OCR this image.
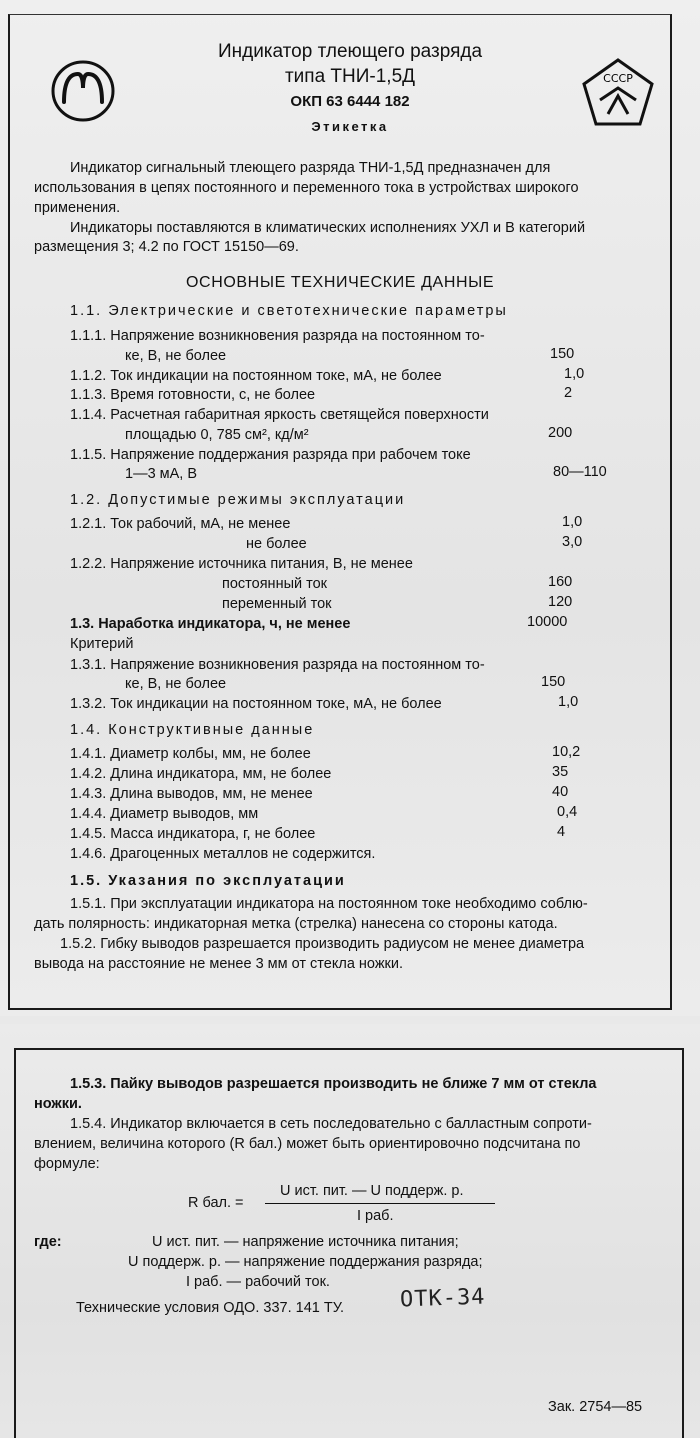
СССР
Индикатор тлеющего разряда
типа ТНИ-1,5Д
ОКП 63 6444 182
Этикетка
Индикатор сигнальный тлеющего разряда ТНИ-1,5Д предназначен для
использования в цепях постоянного и переменного тока в устройствах широкого
применения.
Индикаторы поставляются в климатических исполнениях УХЛ и В категорий
размещения 3; 4.2 по ГОСТ 15150—69.
ОСНОВНЫЕ ТЕХНИЧЕСКИЕ ДАННЫЕ
1.1. Электрические и светотехнические параметры
1.1.1. Напряжение возникновения разряда на постоянном то-
ке, В, не более	150
1.1.2. Ток индикации на постоянном токе, мА, не более	1,0
1.1.3. Время готовности, с, не более	2
1.1.4. Расчетная габаритная яркость светящейся поверхности
площадью 0, 785 см², кд/м²	200
1.1.5. Напряжение поддержания разряда при рабочем токе
1—3 мА, В	80—110
1.2. Допустимые режимы эксплуатации
1.2.1. Ток рабочий, мА, не менее	1,0
не более	3,0
1.2.2. Напряжение источника питания, В, не менее
постоянный ток	160
переменный ток	120
1.3. Наработка индикатора, ч, не менее	10000
Критерий
1.3.1. Напряжение возникновения разряда на постоянном то-
ке, В, не более	150
1.3.2. Ток индикации на постоянном токе, мА, не более	1,0
1.4. Конструктивные данные
1.4.1. Диаметр колбы, мм, не более	10,2
1.4.2. Длина индикатора, мм, не более	35
1.4.3. Длина выводов, мм, не менее	40
1.4.4. Диаметр выводов, мм	0,4
1.4.5. Масса индикатора, г, не более	4
1.4.6. Драгоценных металлов не содержится.
1.5. Указания по эксплуатации
1.5.1. При эксплуатации индикатора на постоянном токе необходимо соблю-
дать полярность: индикаторная метка (стрелка) нанесена со стороны катода.
1.5.2. Гибку выводов разрешается производить радиусом не менее диаметра
вывода на расстояние не менее 3 мм от стекла ножки.
1.5.3. Пайку выводов разрешается производить не ближе 7 мм от стекла
ножки.
1.5.4. Индикатор включается в сеть последовательно с балластным сопроти-
влением, величина которого (R бал.) может быть ориентировочно подсчитана по
формуле:
R бал. =
U ист. пит. — U поддерж. р.
I раб.
где:	U ист. пит. — напряжение источника питания;
U поддерж. р. — напряжение поддержания разряда;
I раб. — рабочий ток.
Технические условия ОДО. 337. 141 ТУ.	ОТК-34
Зак. 2754—85
